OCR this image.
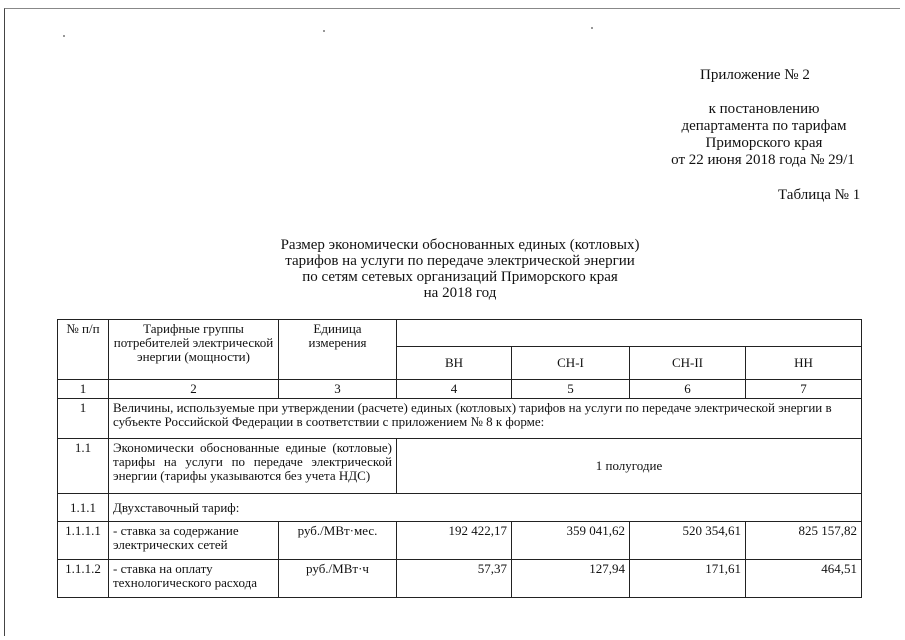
Приложение № 2
к постановлению
департамента по тарифам
Приморского края
от 22 июня 2018 года № 29/1
Таблица № 1
Размер экономически обоснованных единых (котловых)
тарифов на услуги по передаче электрической энергии
по сетям сетевых организаций Приморского края
на 2018 год
№ п/п	Тарифные группы потребителей электрической энергии (мощности)	Единица измерения				
			ВН	СН-I	СН-II	НН
1	2	3	4	5	6	7
1	Величины, используемые при утверждении (расчете) единых (котловых) тарифов на услуги по передаче электрической энергии в субъекте Российской Федерации в соответствии с приложением № 8 к форме:					
1.1	Экономически обоснованные единые (котловые) тарифы на услуги по передаче электрической энергии (тарифы указываются без учета НДС)		1 полугодие			
1.1.1	Двухставочный тариф:					
1.1.1.1	- ставка за содержание электрических сетей	руб./МВт·мес.	192 422,17	359 041,62	520 354,61	825 157,82
1.1.1.2	- ставка на оплату технологического расхода	руб./МВт·ч	57,37	127,94	171,61	464,51
